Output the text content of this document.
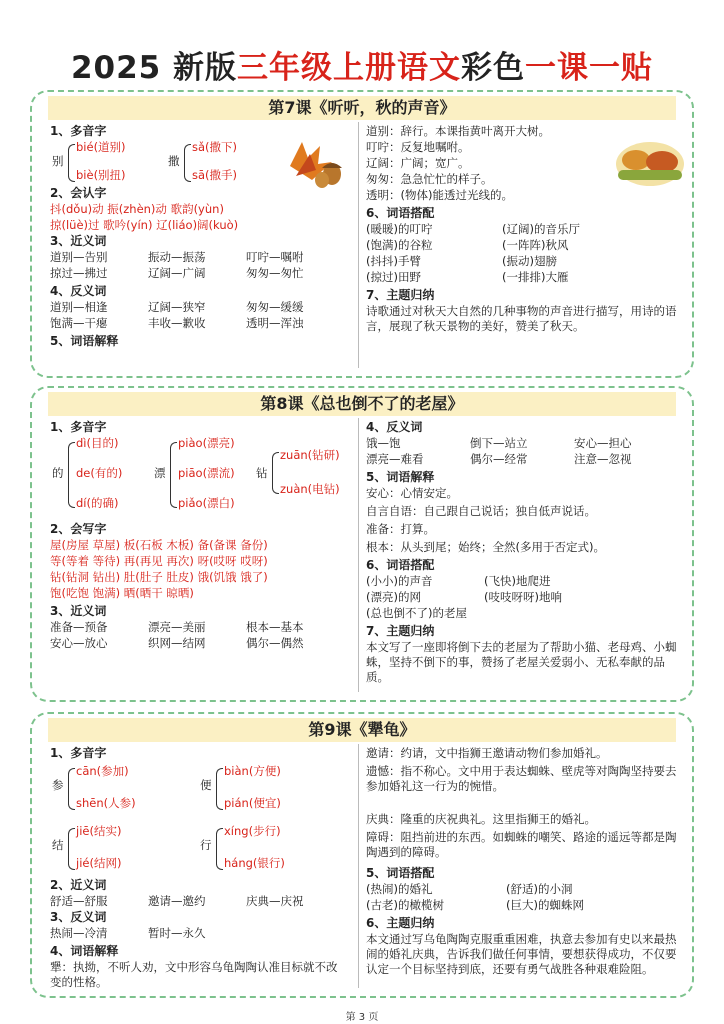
2025 新版三年级上册语文彩色一课一贴
第7课《听听，秋的声音》
1、多音字
别
bié(道别)
biè(别扭)
撒
sǎ(撒下)
sā(撒手)
2、会认字
抖(dǒu)动 振(zhèn)动 歌韵(yùn)
掠(lüè)过 歌吟(yín) 辽(liáo)阔(kuò)
3、近义词
道别—告别	振动—振荡	叮咛—嘱咐
掠过—拂过	辽阔—广阔	匆匆—匆忙
4、反义词
道别—相逢	辽阔—狭窄	匆匆—缓缓
饱满—干瘪	丰收—歉收	透明—浑浊
5、词语解释
道别：辞行。本课指黄叶离开大树。
叮咛：反复地嘱咐。
辽阔：广阔；宽广。
匆匆：急急忙忙的样子。
透明：(物体)能透过光线的。
6、词语搭配
(暖暖)的叮咛	(辽阔)的音乐厅
(饱满)的谷粒	(一阵阵)秋风
(抖抖)手臂	(振动)翅膀
(掠过)田野	(一排排)大雁
7、主题归纳
诗歌通过对秋天大自然的几种事物的声音进行描写，用诗的语言，展现了秋天景物的美好，赞美了秋天。
第8课《总也倒不了的老屋》
1、多音字
的
dì(目的)
de(有的)
dí(的确)
漂
piào(漂亮)
piāo(漂流)
piǎo(漂白)
钻
zuān(钻研)
zuàn(电钻)
2、会写字
屋(房屋 草屋) 板(石板 木板) 备(备课 备份)
等(等着 等待) 再(再见 再次) 呀(哎呀 哎呀)
钻(钻洞 钻出) 肚(肚子 肚皮) 饿(饥饿 饿了)
饱(吃饱 饱满) 晒(晒干 晾晒)
3、近义词
准备—预备	漂亮—美丽	根本—基本
安心—放心	织网—结网	偶尔—偶然
4、反义词
饿—饱	倒下—站立	安心—担心
漂亮—难看	偶尔—经常	注意—忽视
5、词语解释
安心：心情安定。
自言自语：自己跟自己说话；独自低声说话。
准备：打算。
根本：从头到尾；始终；全然(多用于否定式)。
6、词语搭配
(小小)的声音	(飞快)地爬进
(漂亮)的网	(吱吱呀呀)地响
(总也倒不了)的老屋
7、主题归纳
本文写了一座即将倒下去的老屋为了帮助小猫、老母鸡、小蜘蛛，坚持不倒下的事，赞扬了老屋关爱弱小、无私奉献的品质。
第9课《犟龟》
1、多音字
参
cān(参加)
shēn(人参)
便
biàn(方便)
pián(便宜)
结
jiē(结实)
jié(结网)
行
xíng(步行)
háng(银行)
2、近义词
舒适—舒服	邀请—邀约	庆典—庆祝
3、反义词
热闹—冷清	暂时—永久
4、词语解释
犟：执拗，不听人劝，文中形容乌龟陶陶认准目标就不改变的性格。
邀请：约请，文中指狮王邀请动物们参加婚礼。
遗憾：指不称心。文中用于表达蜘蛛、壁虎等对陶陶坚持要去参加婚礼这一行为的惋惜。
庆典：隆重的庆祝典礼。这里指狮王的婚礼。
障碍：阻挡前进的东西。如蜘蛛的嘲笑、路途的遥远等都是陶陶遇到的障碍。
5、词语搭配
(热闹)的婚礼	(舒适)的小洞
(古老)的橄榄树	(巨大)的蜘蛛网
6、主题归纳
本文通过写乌龟陶陶克服重重困难，执意去参加有史以来最热闹的婚礼庆典，告诉我们做任何事情，要想获得成功，不仅要认定一个目标坚持到底，还要有勇气战胜各种艰难险阻。
第 3 页
